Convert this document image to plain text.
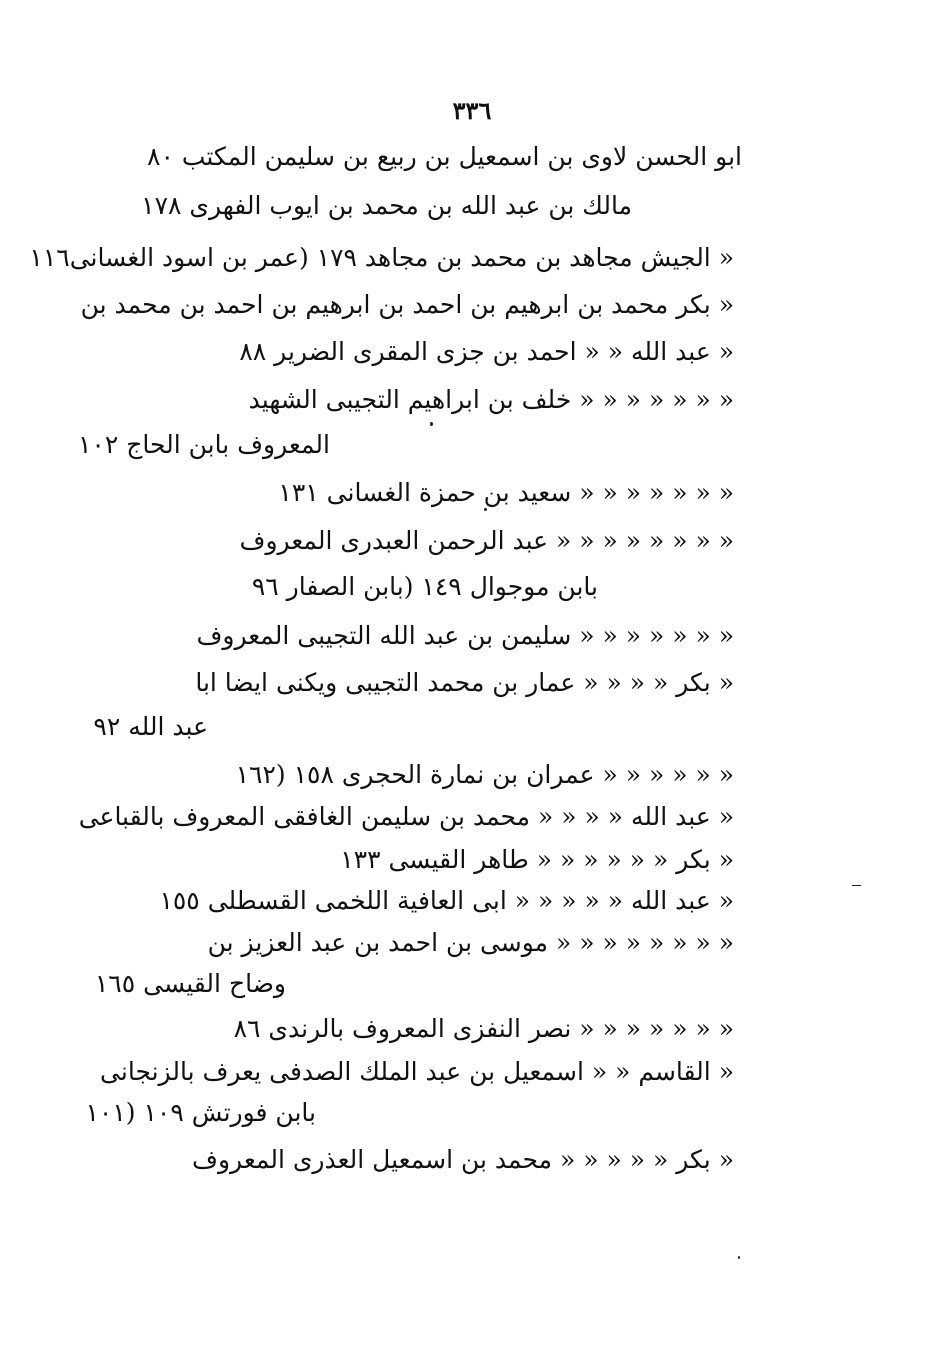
٣٣٦
ابو الحسن لاوى بن اسمعيل بن ربيع بن سليمن المكتب ٨٠
مالك بن عبد الله بن محمد بن ايوب الفهرى ١٧٨
« الجيش مجاهد بن محمد بن مجاهد ١٧٩ (عمر بن اسود الغسانى١١٦
« بكر محمد بن ابرهيم بن احمد بن ابرهيم بن احمد بن محمد بن
« عبد الله « « احمد بن جزى المقرى الضرير ٨٨
« « « « « « « خلف بن ابراهيم التجيبى الشهيد
المعروف بابن الحاج ١٠٢
« « « « « « « سعيد بن حمزة الغسانى ١٣١
« « « « « « « « عبد الرحمن العبدرى المعروف
بابن موجوال ١٤٩ (بابن الصفار ٩٦
« « « « « « « سليمن بن عبد الله التجيبى المعروف
« بكر « « « « عمار بن محمد التجيبى ويكنى ايضا ابا
عبد الله ٩٢
« « « « « « عمران بن نمارة الحجرى ١٥٨ (١٦٢
« عبد الله « « « « محمد بن سليمن الغافقى المعروف بالقباعى
« بكر « « « « « « طاهر القيسى ١٣٣
« عبد الله « « « « « ابى العافية اللخمى القسطلى ١٥٥
« « « « « « « « موسى بن احمد بن عبد العزيز بن
وضاح القيسى ١٦٥
« « « « « « « نصر النفزى المعروف بالرندى ٨٦
« القاسم « « اسمعيل بن عبد الملك الصدفى يعرف بالزنجانى
بابن فورتش ١٠٩ (١٠١
« بكر « « « « « محمد بن اسمعيل العذرى المعروف
